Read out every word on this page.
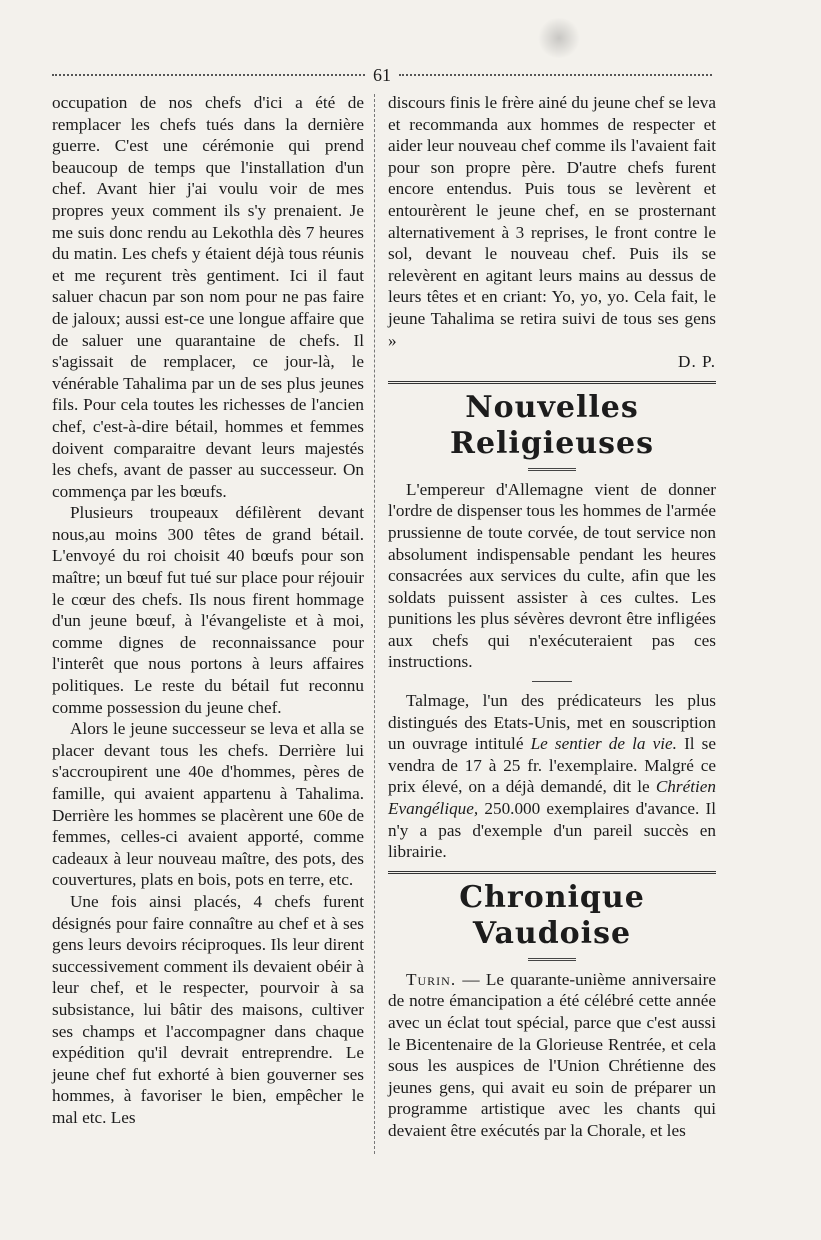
61

occupation de nos chefs d'ici a été de remplacer les chefs tués dans la dernière guerre. C'est une cérémonie qui prend beaucoup de temps que l'installation d'un chef. Avant hier j'ai voulu voir de mes propres yeux comment ils s'y prenaient. Je me suis donc rendu au Lekothla dès 7 heures du matin. Les chefs y étaient déjà tous réunis et me reçurent très gentiment. Ici il faut saluer chacun par son nom pour ne pas faire de jaloux; aussi est-ce une longue affaire que de saluer une quarantaine de chefs. Il s'agissait de remplacer, ce jour-là, le vénérable Tahalima par un de ses plus jeunes fils. Pour cela toutes les richesses de l'ancien chef, c'est-à-dire bétail, hommes et femmes doivent comparaitre devant leurs majestés les chefs, avant de passer au successeur. On commença par les bœufs.

Plusieurs troupeaux défilèrent devant nous,au moins 300 têtes de grand bétail. L'envoyé du roi choisit 40 bœufs pour son maître; un bœuf fut tué sur place pour réjouir le cœur des chefs. Ils nous firent hommage d'un jeune bœuf, à l'évangeliste et à moi, comme dignes de reconnaissance pour l'interêt que nous portons à leurs affaires politiques. Le reste du bétail fut reconnu comme possession du jeune chef.

Alors le jeune successeur se leva et alla se placer devant tous les chefs. Derrière lui s'accroupirent une 40e d'hommes, pères de famille, qui avaient appartenu à Tahalima. Derrière les hommes se placèrent une 60e de femmes, celles-ci avaient apporté, comme cadeaux à leur nouveau maître, des pots, des couvertures, plats en bois, pots en terre, etc.

Une fois ainsi placés, 4 chefs furent désignés pour faire connaître au chef et à ses gens leurs devoirs réciproques. Ils leur dirent successivement comment ils devaient obéir à leur chef, et le respecter, pourvoir à sa subsistance, lui bâtir des maisons, cultiver ses champs et l'accompagner dans chaque expédition qu'il devrait entreprendre. Le jeune chef fut exhorté à bien gouverner ses hommes, à favoriser le bien, empêcher le mal etc. Les

discours finis le frère ainé du jeune chef se leva et recommanda aux hommes de respecter et aider leur nouveau chef comme ils l'avaient fait pour son propre père. D'autre chefs furent encore entendus. Puis tous se levèrent et entourèrent le jeune chef, en se prosternant alternativement à 3 reprises, le front contre le sol, devant le nouveau chef. Puis ils se relevèrent en agitant leurs mains au dessus de leurs têtes et en criant: Yo, yo, yo. Cela fait, le jeune Tahalima se retira suivi de tous ses gens »

D. P.
Nouvelles Religieuses

L'empereur d'Allemagne vient de donner l'ordre de dispenser tous les hommes de l'armée prussienne de toute corvée, de tout service non absolument indispensable pendant les heures consacrées aux services du culte, afin que les soldats puissent assister à ces cultes. Les punitions les plus sévères devront être infligées aux chefs qui n'exécuteraient pas ces instructions.

Talmage, l'un des prédicateurs les plus distingués des Etats-Unis, met en souscription un ouvrage intitulé Le sentier de la vie. Il se vendra de 17 à 25 fr. l'exemplaire. Malgré ce prix élevé, on a déjà demandé, dit le Chrétien Evangélique, 250.000 exemplaires d'avance. Il n'y a pas d'exemple d'un pareil succès en librairie.

Chronique Vaudoise

Turin. — Le quarante-unième anniversaire de notre émancipation a été célébré cette année avec un éclat tout spécial, parce que c'est aussi le Bicentenaire de la Glorieuse Rentrée, et cela sous les auspices de l'Union Chrétienne des jeunes gens, qui avait eu soin de préparer un programme artistique avec les chants qui devaient être exécutés par la Chorale, et les
